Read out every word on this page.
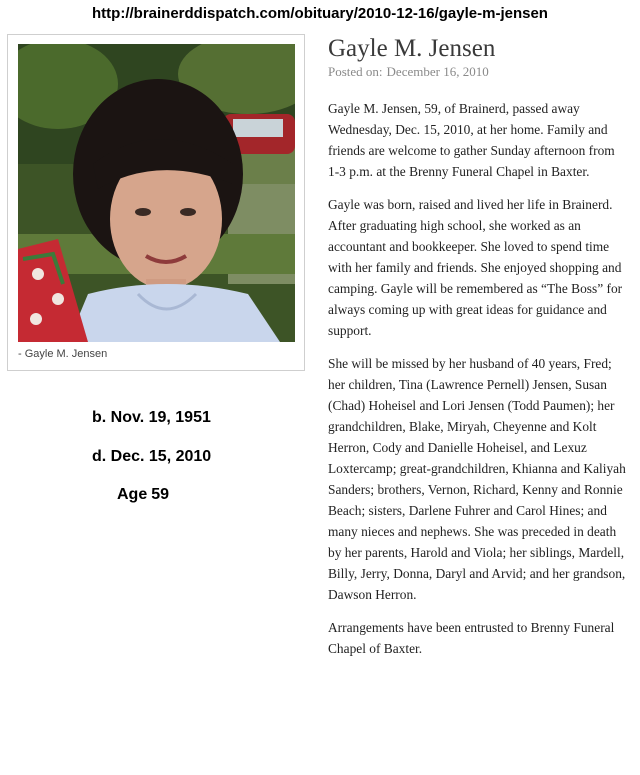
http://brainerddispatch.com/obituary/2010-12-16/gayle-m-jensen
- Gayle M. Jensen
b. Nov. 19, 1951
d. Dec. 15, 2010
Age 59
Gayle M. Jensen
Posted on: December 16, 2010

Gayle M. Jensen, 59, of Brainerd, passed away Wednesday, Dec. 15, 2010, at her home. Family and friends are welcome to gather Sunday afternoon from 1-3 p.m. at the Brenny Funeral Chapel in Baxter.

Gayle was born, raised and lived her life in Brainerd. After graduating high school, she worked as an accountant and bookkeeper. She loved to spend time with her family and friends. She enjoyed shopping and camping. Gayle will be remembered as “The Boss” for always coming up with great ideas for guidance and support.

She will be missed by her husband of 40 years, Fred; her children, Tina (Lawrence Pernell) Jensen, Susan (Chad) Hoheisel and Lori Jensen (Todd Paumen); her grandchildren, Blake, Miryah, Cheyenne and Kolt Herron, Cody and Danielle Hoheisel, and Lexuz Loxtercamp; great-grandchildren, Khianna and Kaliyah Sanders; brothers, Vernon, Richard, Kenny and Ronnie Beach; sisters, Darlene Fuhrer and Carol Hines; and many nieces and nephews. She was preceded in death by her parents, Harold and Viola; her siblings, Mardell, Billy, Jerry, Donna, Daryl and Arvid; and her grandson, Dawson Herron.

Arrangements have been entrusted to Brenny Funeral Chapel of Baxter.
